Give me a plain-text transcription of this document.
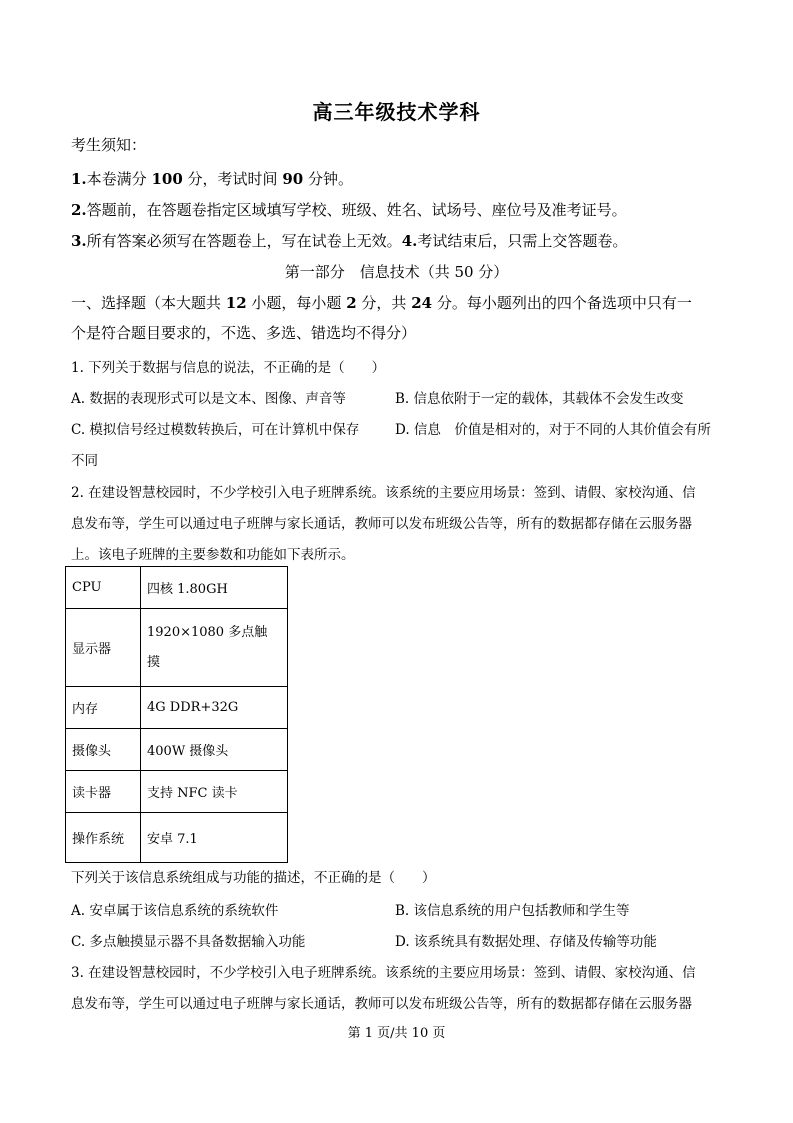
高三年级技术学科
考生须知：
1.本卷满分 100 分，考试时间 90 分钟。
2.答题前，在答题卷指定区域填写学校、班级、姓名、试场号、座位号及准考证号。
3.所有答案必须写在答题卷上，写在试卷上无效。4.考试结束后，只需上交答题卷。
第一部分　信息技术（共 50 分）
一、选择题（本大题共 12 小题，每小题 2 分，共 24 分。每小题列出的四个备选项中只有一
个是符合题目要求的，不选、多选、错选均不得分）
1. 下列关于数据与信息的说法，不正确的是（　　）
A. 数据的表现形式可以是文本、图像、声音等	B. 信息依附于一定的载体，其载体不会发生改变
C. 模拟信号经过模数转换后，可在计算机中保存	D. 信息　价值是相对的，对于不同的人其价值会有所
不同
2. 在建设智慧校园时，不少学校引入电子班牌系统。该系统的主要应用场景：签到、请假、家校沟通、信
息发布等，学生可以通过电子班牌与家长通话，教师可以发布班级公告等，所有的数据都存储在云服务器
上。该电子班牌的主要参数和功能如下表所示。
CPU	四核 1.80GH
显示器	1920×1080 多点触
摸

内存	4G DDR+32G
摄像头	400W 摄像头
读卡器	支持 NFC 读卡
操作系统	安卓 7.1
下列关于该信息系统组成与功能的描述，不正确的是（　　）
A. 安卓属于该信息系统的系统软件	B. 该信息系统的用户包括教师和学生等
C. 多点触摸显示器不具备数据输入功能	D. 该系统具有数据处理、存储及传输等功能
3. 在建设智慧校园时，不少学校引入电子班牌系统。该系统的主要应用场景：签到、请假、家校沟通、信
息发布等，学生可以通过电子班牌与家长通话，教师可以发布班级公告等，所有的数据都存储在云服务器
第 1 页/共 10 页
